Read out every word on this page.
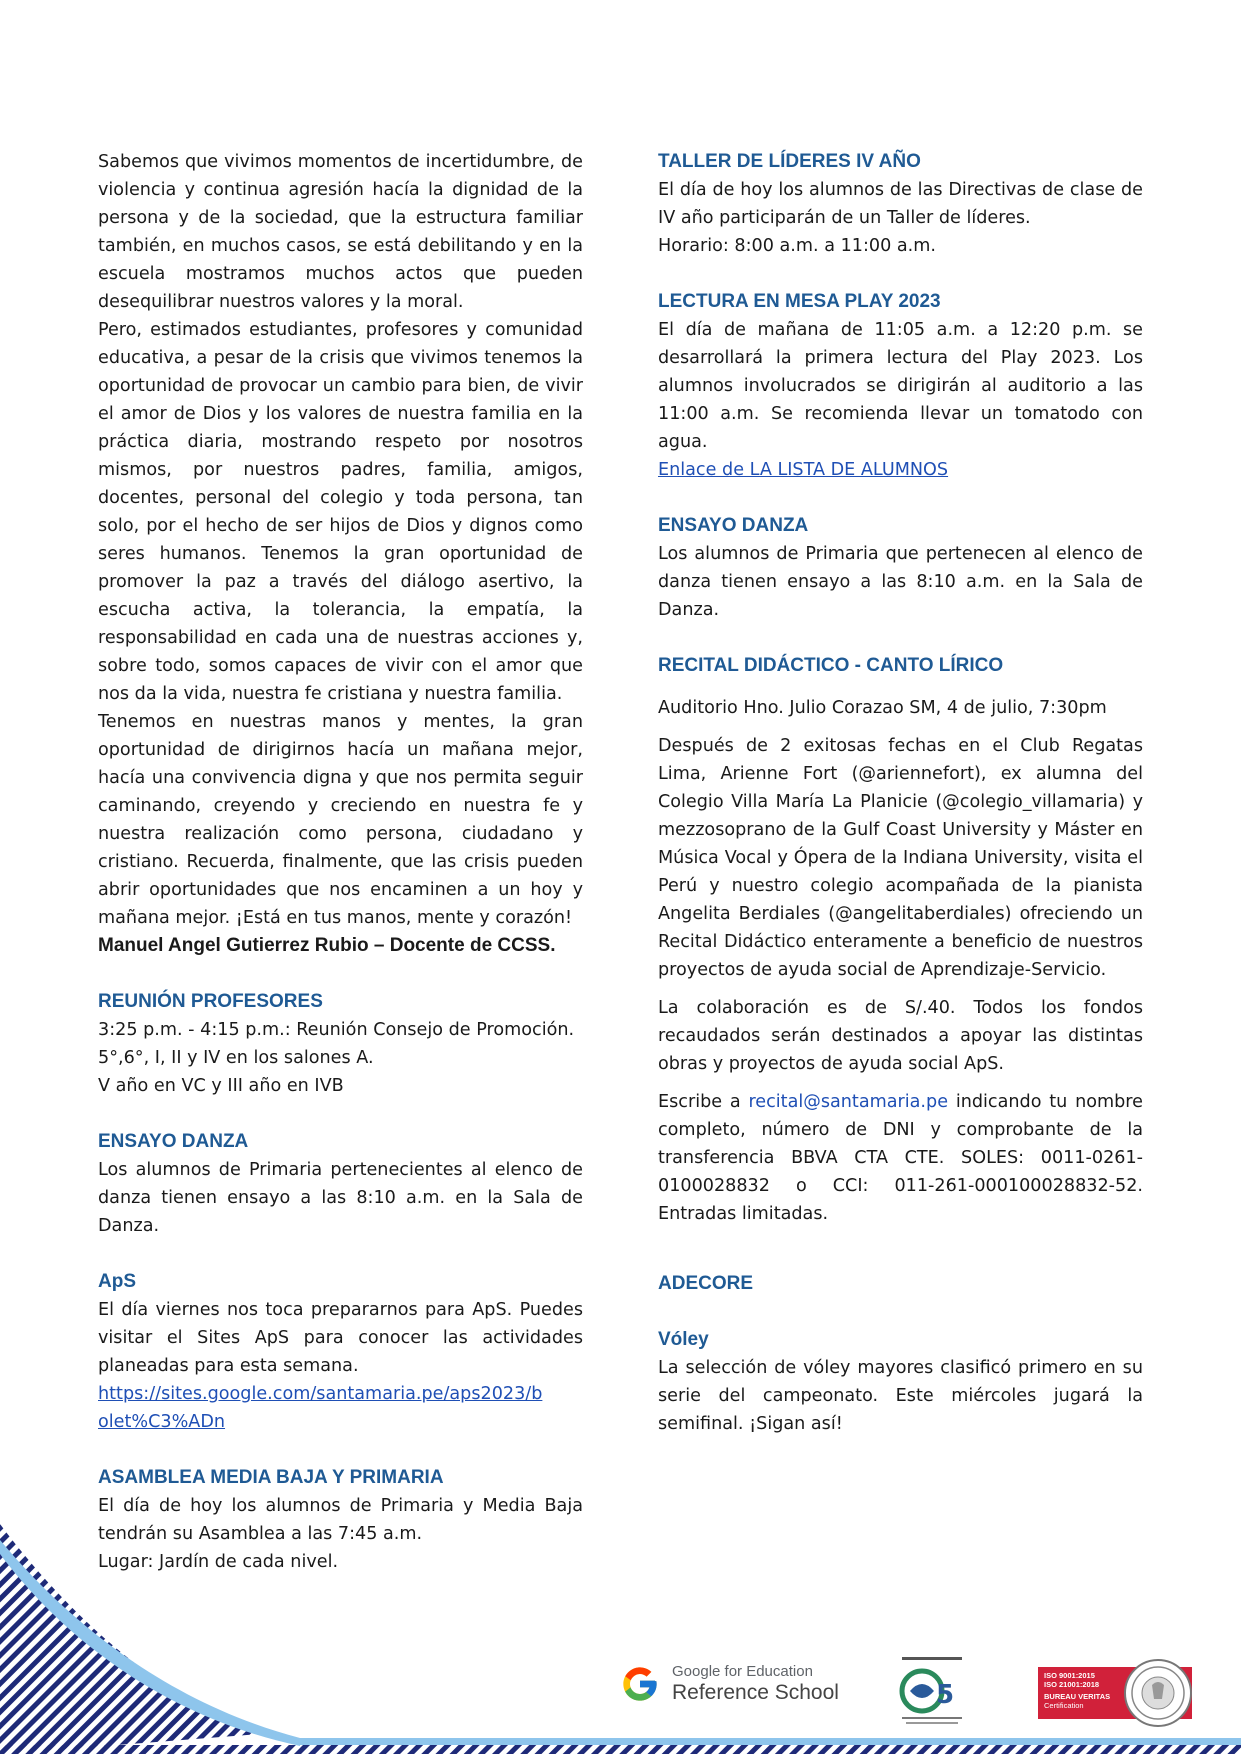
Sabemos que vivimos momentos de incertidumbre, de violencia y continua agresión hacía la dignidad de la persona y de la sociedad, que la estructura familiar también, en muchos casos, se está debilitando y en la escuela mostramos muchos actos que pueden desequilibrar nuestros valores y la moral.

Pero, estimados estudiantes, profesores y comunidad educativa, a pesar de la crisis que vivimos tenemos la oportunidad de provocar un cambio para bien, de vivir el amor de Dios y los valores de nuestra familia en la práctica diaria, mostrando respeto por nosotros mismos, por nuestros padres, familia, amigos, docentes, personal del colegio y toda persona, tan solo, por el hecho de ser hijos de Dios y dignos como seres humanos. Tenemos la gran oportunidad de promover la paz a través del diálogo asertivo, la escucha activa, la tolerancia, la empatía, la responsabilidad en cada una de nuestras acciones y, sobre todo, somos capaces de vivir con el amor que nos da la vida, nuestra fe cristiana y nuestra familia.

Tenemos en nuestras manos y mentes, la gran oportunidad de dirigirnos hacía un mañana mejor, hacía una convivencia digna y que nos permita seguir caminando, creyendo y creciendo en nuestra fe y nuestra realización como persona, ciudadano y cristiano. Recuerda, finalmente, que las crisis pueden abrir oportunidades que nos encaminen a un hoy y mañana mejor. ¡Está en tus manos, mente y corazón!

Manuel Angel Gutierrez Rubio – Docente de CCSS.

REUNIÓN PROFESORES

3:25 p.m. - 4:15 p.m.: Reunión Consejo de Promoción.

5°,6°, I, II y IV en los salones A.

V año en VC y III año en IVB

ENSAYO DANZA

Los alumnos de Primaria pertenecientes al elenco de danza tienen ensayo a las 8:10 a.m. en la Sala de Danza.

ApS

El día viernes nos toca prepararnos para ApS. Puedes visitar el Sites ApS para conocer las actividades planeadas para esta semana.

https://sites.google.com/santamaria.pe/aps2023/b
olet%C3%ADn

ASAMBLEA MEDIA BAJA Y PRIMARIA

El día de hoy los alumnos de Primaria y Media Baja tendrán su Asamblea a las 7:45 a.m.

Lugar: Jardín de cada nivel.

TALLER DE LÍDERES IV AÑO

El día de hoy los alumnos de las Directivas de clase de IV año participarán de un Taller de líderes.

Horario: 8:00 a.m. a 11:00 a.m.

LECTURA EN MESA PLAY 2023

El día de mañana de 11:05 a.m. a 12:20 p.m. se desarrollará la primera lectura del Play 2023. Los alumnos involucrados se dirigirán al auditorio a las 11:00 a.m. Se recomienda llevar un tomatodo con agua.

Enlace de LA LISTA DE ALUMNOS

ENSAYO DANZA

Los alumnos de Primaria que pertenecen al elenco de danza tienen ensayo a las 8:10 a.m. en la Sala de Danza.

RECITAL DIDÁCTICO - CANTO LÍRICO

Auditorio Hno. Julio Corazao SM, 4 de julio, 7:30pm

Después de 2 exitosas fechas en el Club Regatas Lima, Arienne Fort (@ariennefort), ex alumna del Colegio Villa María La Planicie (@colegio_villamaria) y mezzosoprano de la Gulf Coast University y Máster en Música Vocal y Ópera de la Indiana University, visita el Perú y nuestro colegio acompañada de la pianista Angelita Berdiales (@angelitaberdiales) ofreciendo un Recital Didáctico enteramente a beneficio de nuestros proyectos de ayuda social de Aprendizaje-Servicio.

La colaboración es de S/.40. Todos los fondos recaudados serán destinados a apoyar las distintas obras y proyectos de ayuda social ApS.

Escribe a recital@santamaria.pe indicando tu nombre completo, número de DNI y comprobante de la transferencia BBVA CTA CTE. SOLES: 0011-0261-0100028832 o CCI: 011-261-000100028832-52. Entradas limitadas.

ADECORE

Vóley

La selección de vóley mayores clasificó primero en su serie del campeonato. Este miércoles jugará la semifinal. ¡Sigan así!

Google for Education
Reference School	5
ISO 9001:2015
ISO 21001:2018
BUREAU VERITAS
Certification
